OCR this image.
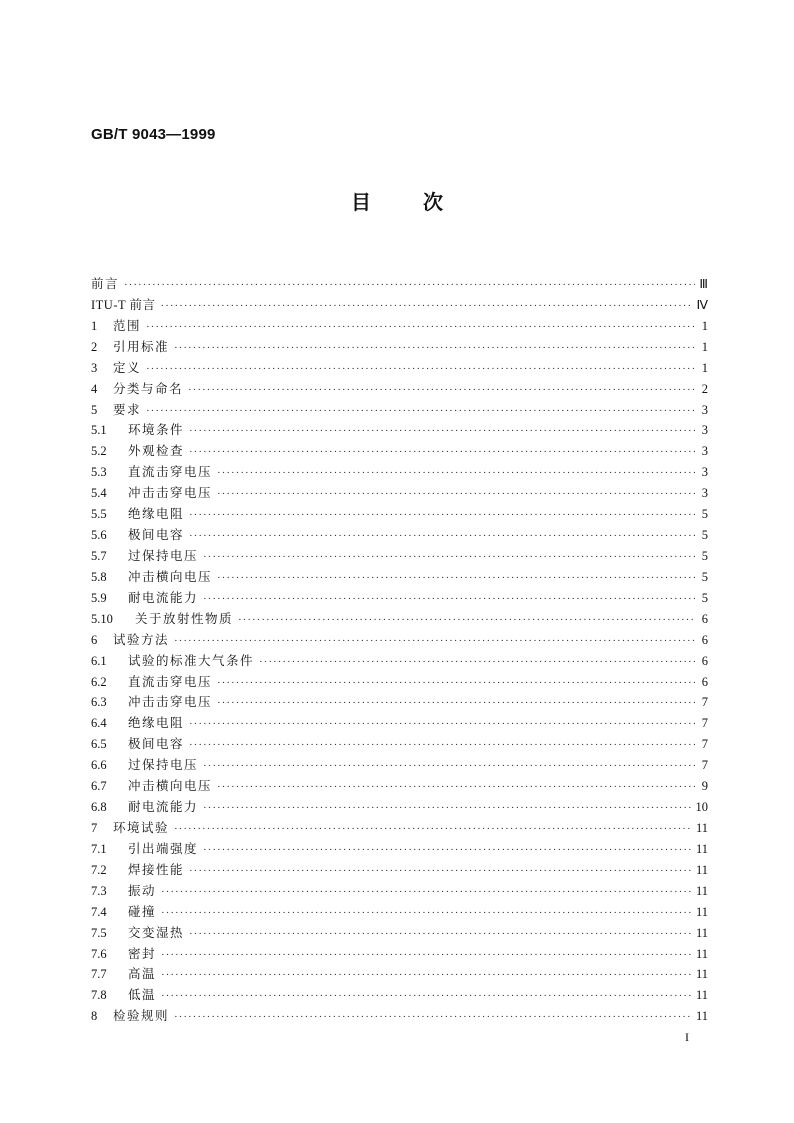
GB/T 9043—1999
目次
前言 ·····	Ⅲ
ITU-T 前言 ·····	Ⅳ
1	范围 ·····	1
2	引用标准 ·····	1
3	定义 ·····	1
4	分类与命名 ·····	2
5	要求 ·····	3
5.1	环境条件 ·····	3
5.2	外观检查 ·····	3
5.3	直流击穿电压 ·····	3
5.4	冲击击穿电压 ·····	3
5.5	绝缘电阻 ·····	5
5.6	极间电容 ·····	5
5.7	过保持电压 ·····	5
5.8	冲击横向电压 ·····	5
5.9	耐电流能力 ·····	5
5.10	关于放射性物质 ·····	6
6	试验方法 ·····	6
6.1	试验的标准大气条件 ·····	6
6.2	直流击穿电压 ·····	6
6.3	冲击击穿电压 ·····	7
6.4	绝缘电阻 ·····	7
6.5	极间电容 ·····	7
6.6	过保持电压 ·····	7
6.7	冲击横向电压 ·····	9
6.8	耐电流能力 ·····	10
7	环境试验 ·····	11
7.1	引出端强度 ·····	11
7.2	焊接性能 ·····	11
7.3	振动 ·····	11
7.4	碰撞 ·····	11
7.5	交变湿热 ·····	11
7.6	密封 ·····	11
7.7	高温 ·····	11
7.8	低温 ·····	11
8	检验规则 ·····	11
I
